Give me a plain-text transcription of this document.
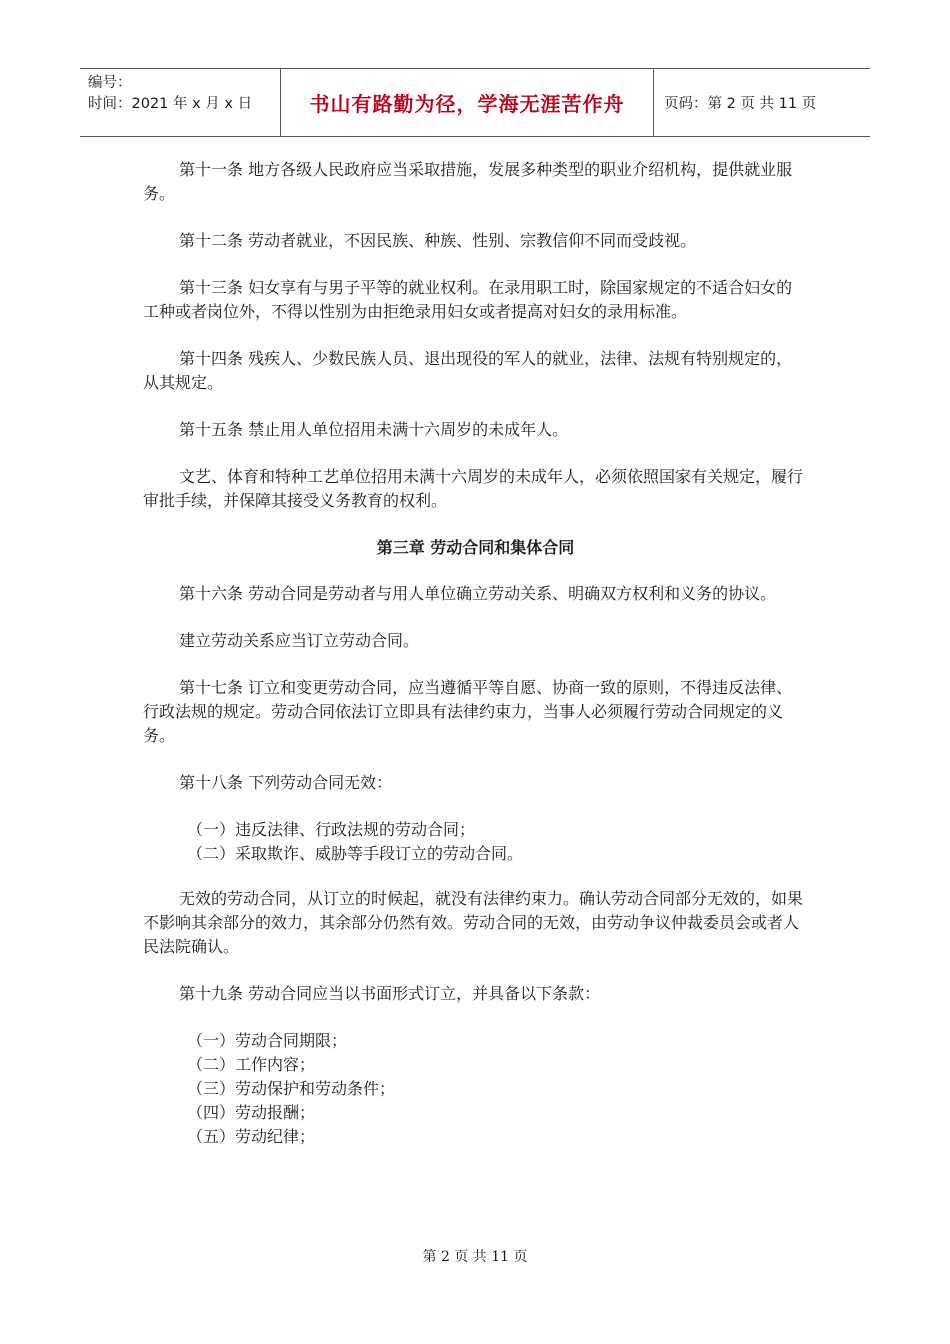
编号：
时间：2021 年 x 月 x 日	书山有路勤为径，学海无涯苦作舟	页码：第 2 页 共 11 页

第十一条 地方各级人民政府应当采取措施，发展多种类型的职业介绍机构，提供就业服务。

第十二条 劳动者就业，不因民族、种族、性别、宗教信仰不同而受歧视。

第十三条 妇女享有与男子平等的就业权利。在录用职工时，除国家规定的不适合妇女的工种或者岗位外，不得以性别为由拒绝录用妇女或者提高对妇女的录用标准。

第十四条 残疾人、少数民族人员、退出现役的军人的就业，法律、法规有特别规定的，从其规定。

第十五条 禁止用人单位招用未满十六周岁的未成年人。

文艺、体育和特种工艺单位招用未满十六周岁的未成年人，必须依照国家有关规定，履行审批手续，并保障其接受义务教育的权利。

第三章 劳动合同和集体合同

第十六条 劳动合同是劳动者与用人单位确立劳动关系、明确双方权利和义务的协议。

建立劳动关系应当订立劳动合同。

第十七条 订立和变更劳动合同，应当遵循平等自愿、协商一致的原则，不得违反法律、行政法规的规定。劳动合同依法订立即具有法律约束力，当事人必须履行劳动合同规定的义务。

第十八条 下列劳动合同无效：

（一）违反法律、行政法规的劳动合同；
（二）采取欺诈、威胁等手段订立的劳动合同。

无效的劳动合同，从订立的时候起，就没有法律约束力。确认劳动合同部分无效的，如果不影响其余部分的效力，其余部分仍然有效。劳动合同的无效，由劳动争议仲裁委员会或者人民法院确认。

第十九条 劳动合同应当以书面形式订立，并具备以下条款：

（一）劳动合同期限；
（二）工作内容；
（三）劳动保护和劳动条件；
（四）劳动报酬；
（五）劳动纪律；

第 2 页 共 11 页
